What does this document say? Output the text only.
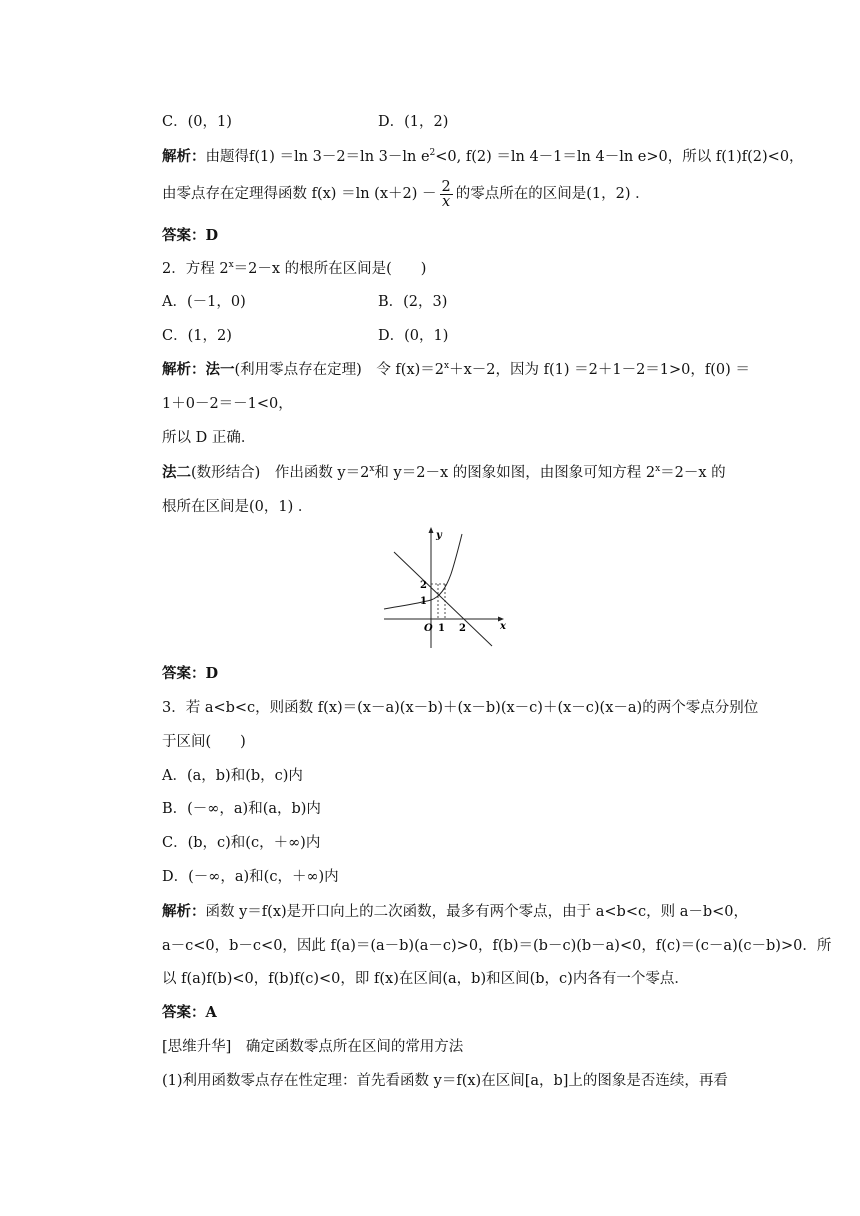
C．(0，1)	D．(1，2)
解析：由题得f(1) ＝ln 3－2＝ln 3－ln $e^2<0$, f(2) ＝ln 4－1＝ln 4－ln e>0，所以 f(1)f(2)<0，
由零点存在定理得函数 f(x) ＝ln $(x+2) - \frac{2}{x}$ 的零点所在的区间是(1，2) ．
答案：D
2．方程 $2^x=2-x$ 的根所在区间是(　　)
A．(－1，0)	B．(2，3)
C．(1，2)	D．(0，1)
解析：法一(利用零点存在定理)　令 $f(x)=2^x+x-2$，因为 f(1) ＝2＋1－2＝1>0，f(0) ＝
1＋0－2＝－1<0，
所以 D 正确．
法二(数形结合)　作出函数 $y=2^x$和 y＝2－x 的图象如图，由图象可知方程 $2^x=2-x$ 的
根所在区间是(0，1) ．
y
x
O 1 2
1
2
答案：D
3．若 a<b<c，则函数 f(x)＝(x－a)(x－b)＋(x－b)(x－c)＋(x－c)(x－a)的两个零点分别位
于区间(　　)
A．(a，b)和(b，c)内
B．(－∞，a)和(a，b)内
C．(b，c)和(c，＋∞)内
D．(－∞，a)和(c，＋∞)内
解析：函数 y＝f(x)是开口向上的二次函数，最多有两个零点，由于 a<b<c，则 a－b<0，
a－c<0，b－c<0，因此 f(a)＝(a－b)(a－c)>0，f(b)＝(b－c)(b－a)<0，f(c)＝(c－a)(c－b)>0．所
以 f(a)f(b)<0，f(b)f(c)<0，即 f(x)在区间(a，b)和区间(b，c)内各有一个零点．
答案：A
[思维升华]　确定函数零点所在区间的常用方法
(1)利用函数零点存在性定理：首先看函数 y＝f(x)在区间[a，b]上的图象是否连续，再看
